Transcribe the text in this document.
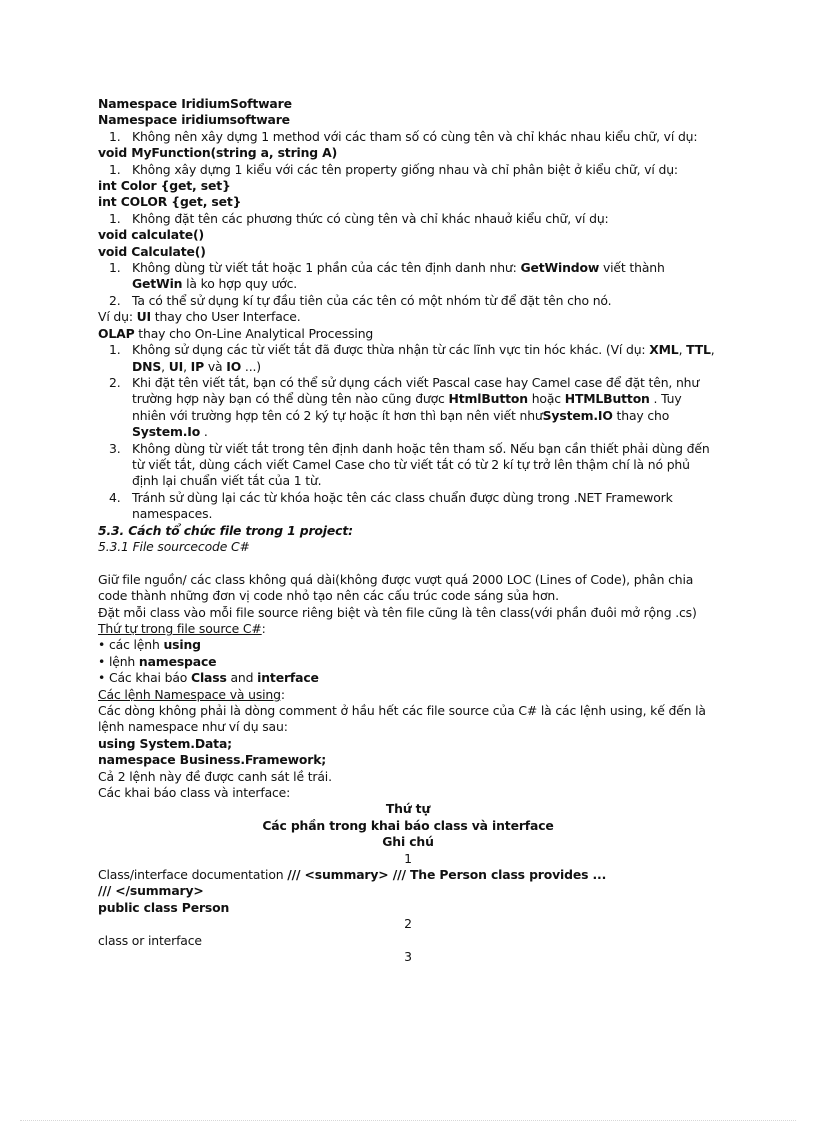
Namespace IridiumSoftware
Namespace iridiumsoftware
1. Không nên xây dựng 1 method với các tham số có cùng tên và chỉ khác nhau kiểu chữ, ví dụ:
void MyFunction(string a, string A)
1. Không xây dựng 1 kiểu với các tên property giống nhau và chỉ phân biệt ở kiểu chữ, ví dụ:
int Color {get, set}
int COLOR {get, set}
1. Không đặt tên các phương thức có cùng tên và chỉ khác nhauở kiểu chữ, ví dụ:
void calculate()
void Calculate()
1. Không dùng từ viết tắt hoặc 1 phần của các tên định danh như: GetWindow viết thành GetWin là ko hợp quy ước.
2. Ta có thể sử dụng kí tự đầu tiên của các tên có một nhóm từ để đặt tên cho nó.
Ví dụ: UI thay cho User Interface.
OLAP thay cho On-Line Analytical Processing
1. Không sử dụng các từ viết tắt đã được thừa nhận từ các lĩnh vực tin hóc khác. (Ví dụ: XML, TTL, DNS, UI, IP và IO ...)
2. Khi đặt tên viết tắt, bạn có thể sử dụng cách viết Pascal case hay Camel case để đặt tên, như trường hợp này bạn có thể dùng tên nào cũng được HtmlButton hoặc HTMLButton . Tuy nhiên với trường hợp tên có 2 ký tự hoặc ít hơn thì bạn nên viết nhưSystem.IO thay cho System.Io .
3. Không dùng từ viết tắt trong tên định danh hoặc tên tham số. Nếu bạn cần thiết phải dùng đến từ viết tắt, dùng cách viết Camel Case cho từ viết tắt có từ 2 kí tự trở lên thậm chí là nó phủ định lại chuẩn viết tắt của 1 từ.
4. Tránh sử dùng lại các từ khóa hoặc tên các class chuẩn được dùng trong .NET Framework namespaces.
5.3. Cách tổ chức file trong 1 project:
5.3.1 File sourcecode C#
Giữ file nguồn/ các class không quá dài(không được vượt quá 2000 LOC (Lines of Code), phân chia code thành những đơn vị code nhỏ tạo nên các cấu trúc code sáng sủa hơn.
Đặt mỗi class vào mỗi file source riêng biệt và tên file cũng là tên class(với phần đuôi mở rộng .cs)
Thứ tự trong file source C#:
• các lệnh using
• lệnh namespace
• Các khai báo Class and interface
Các lệnh Namespace và using:
Các dòng không phải là dòng comment ở hầu hết các file source của C# là các lệnh using, kế đến là lệnh namespace như ví dụ sau:
using System.Data;
namespace Business.Framework;
Cả 2 lệnh này đề được canh sát lề trái.
Các khai báo class và interface:
Thứ tự
Các phần trong khai báo class và interface
Ghi chú
1
Class/interface documentation /// <summary> /// The Person class provides ...
/// </summary>
public class Person
2
class or interface
3
